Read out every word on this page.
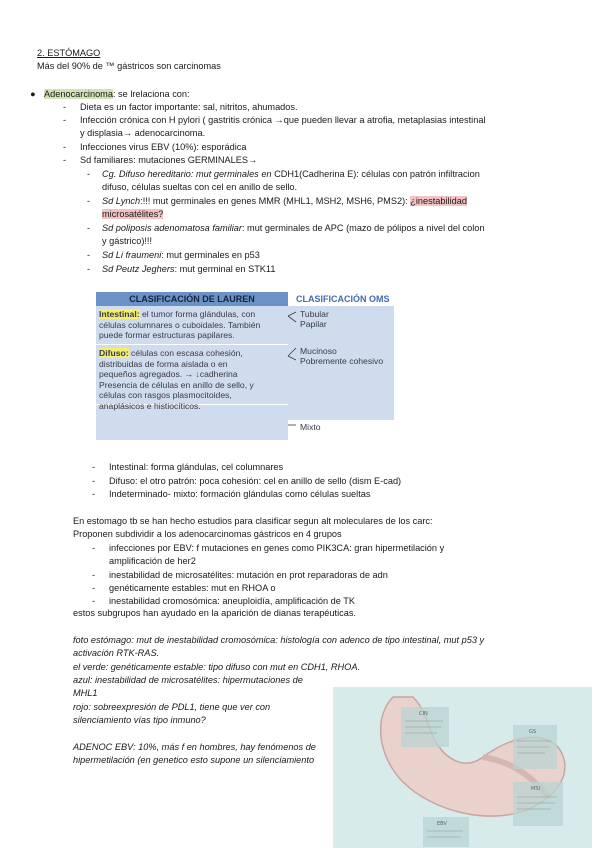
2. ESTÓMAGO
Más del 90% de ™ gástricos son carcinomas
● Adenocarcinoma: se lrelaciona con:
- Dieta es un factor importante: sal, nitritos, ahumados.
- Infección crónica con H pylori ( gastritis crónica →que pueden llevar a atrofia, metaplasias intestinal
y displasia→ adenocarcinoma.
- Infecciones virus EBV (10%): esporádica
- Sd familiares: mutaciones GERMINALES→
- Cg. Difuso hereditario: mut germinales en CDH1(Cadherina E): células con patrón infiltracion
difuso, células sueltas con cel en anillo de sello.
- Sd Lynch:!!! mut germinales en genes MMR (MHL1, MSH2, MSH6, PMS2): ¿inestabilidad
microsatélites?
- Sd poliposis adenomatosa familiar: mut germinales de APC (mazo de pólipos a nivel del colon
y gástrico)!!!
- Sd Li fraumeni: mut germinales en p53
- Sd Peutz Jeghers: mut germinal en STK11
CLASIFICACIÓN DE LAUREN	CLASIFICACIÓN OMS
Intestinal: el tumor forma glándulas, con
células columnares o cuboidales. También
puede formar estructuras papilares.
Tubular
Papilar
Difuso: células con escasa cohesión,
distribuidas de forma aislada o en
pequeños agregados. → ↓cadherina
Presencia de células en anillo de sello, y
células con rasgos plasmocitoides,
anaplásicos e histiocíticos.
Mucinoso
Pobremente cohesivo

Mixto
- Intestinal: forma glándulas, cel columnares
- Difuso: el otro patrón: poca cohesión: cel en anillo de sello (dism E-cad)
- Indeterminado- mixto: formación glándulas como células sueltas
En estomago tb se han hecho estudios para clasificar segun alt moleculares de los carc:
Proponen subdividir a los adenocarcinomas gástricos en 4 grupos
- infecciones por EBV: f mutaciones en genes como PIK3CA: gran hipermetilación y
amplificación de her2
- inestabilidad de microsatélites: mutación en prot reparadoras de adn
- genéticamente estables: mut en RHOA o
- inestabilidad cromosómica: aneuploidía, amplificación de TK
estos subgrupos han ayudado en la aparición de dianas terapéuticas.
foto estómago: mut de inestabilidad cromosómica: histología con adenco de tipo intestinal, mut p53 y
activación RTK-RAS.
el verde: genéticamente estable: tipo difuso con mut en CDH1, RHOA.
azul: inestabilidad de microsatélites: hipermutaciones de
MHL1
rojo: sobreexpresión de PDL1, tiene que ver con
silenciamiento vías tipo inmuno?
ADENOC EBV: 10%, más f en hombres, hay fenómenos de
hipermetilación (en genetico esto supone un silenciamiento
CIN
GS
MSI
EBV
